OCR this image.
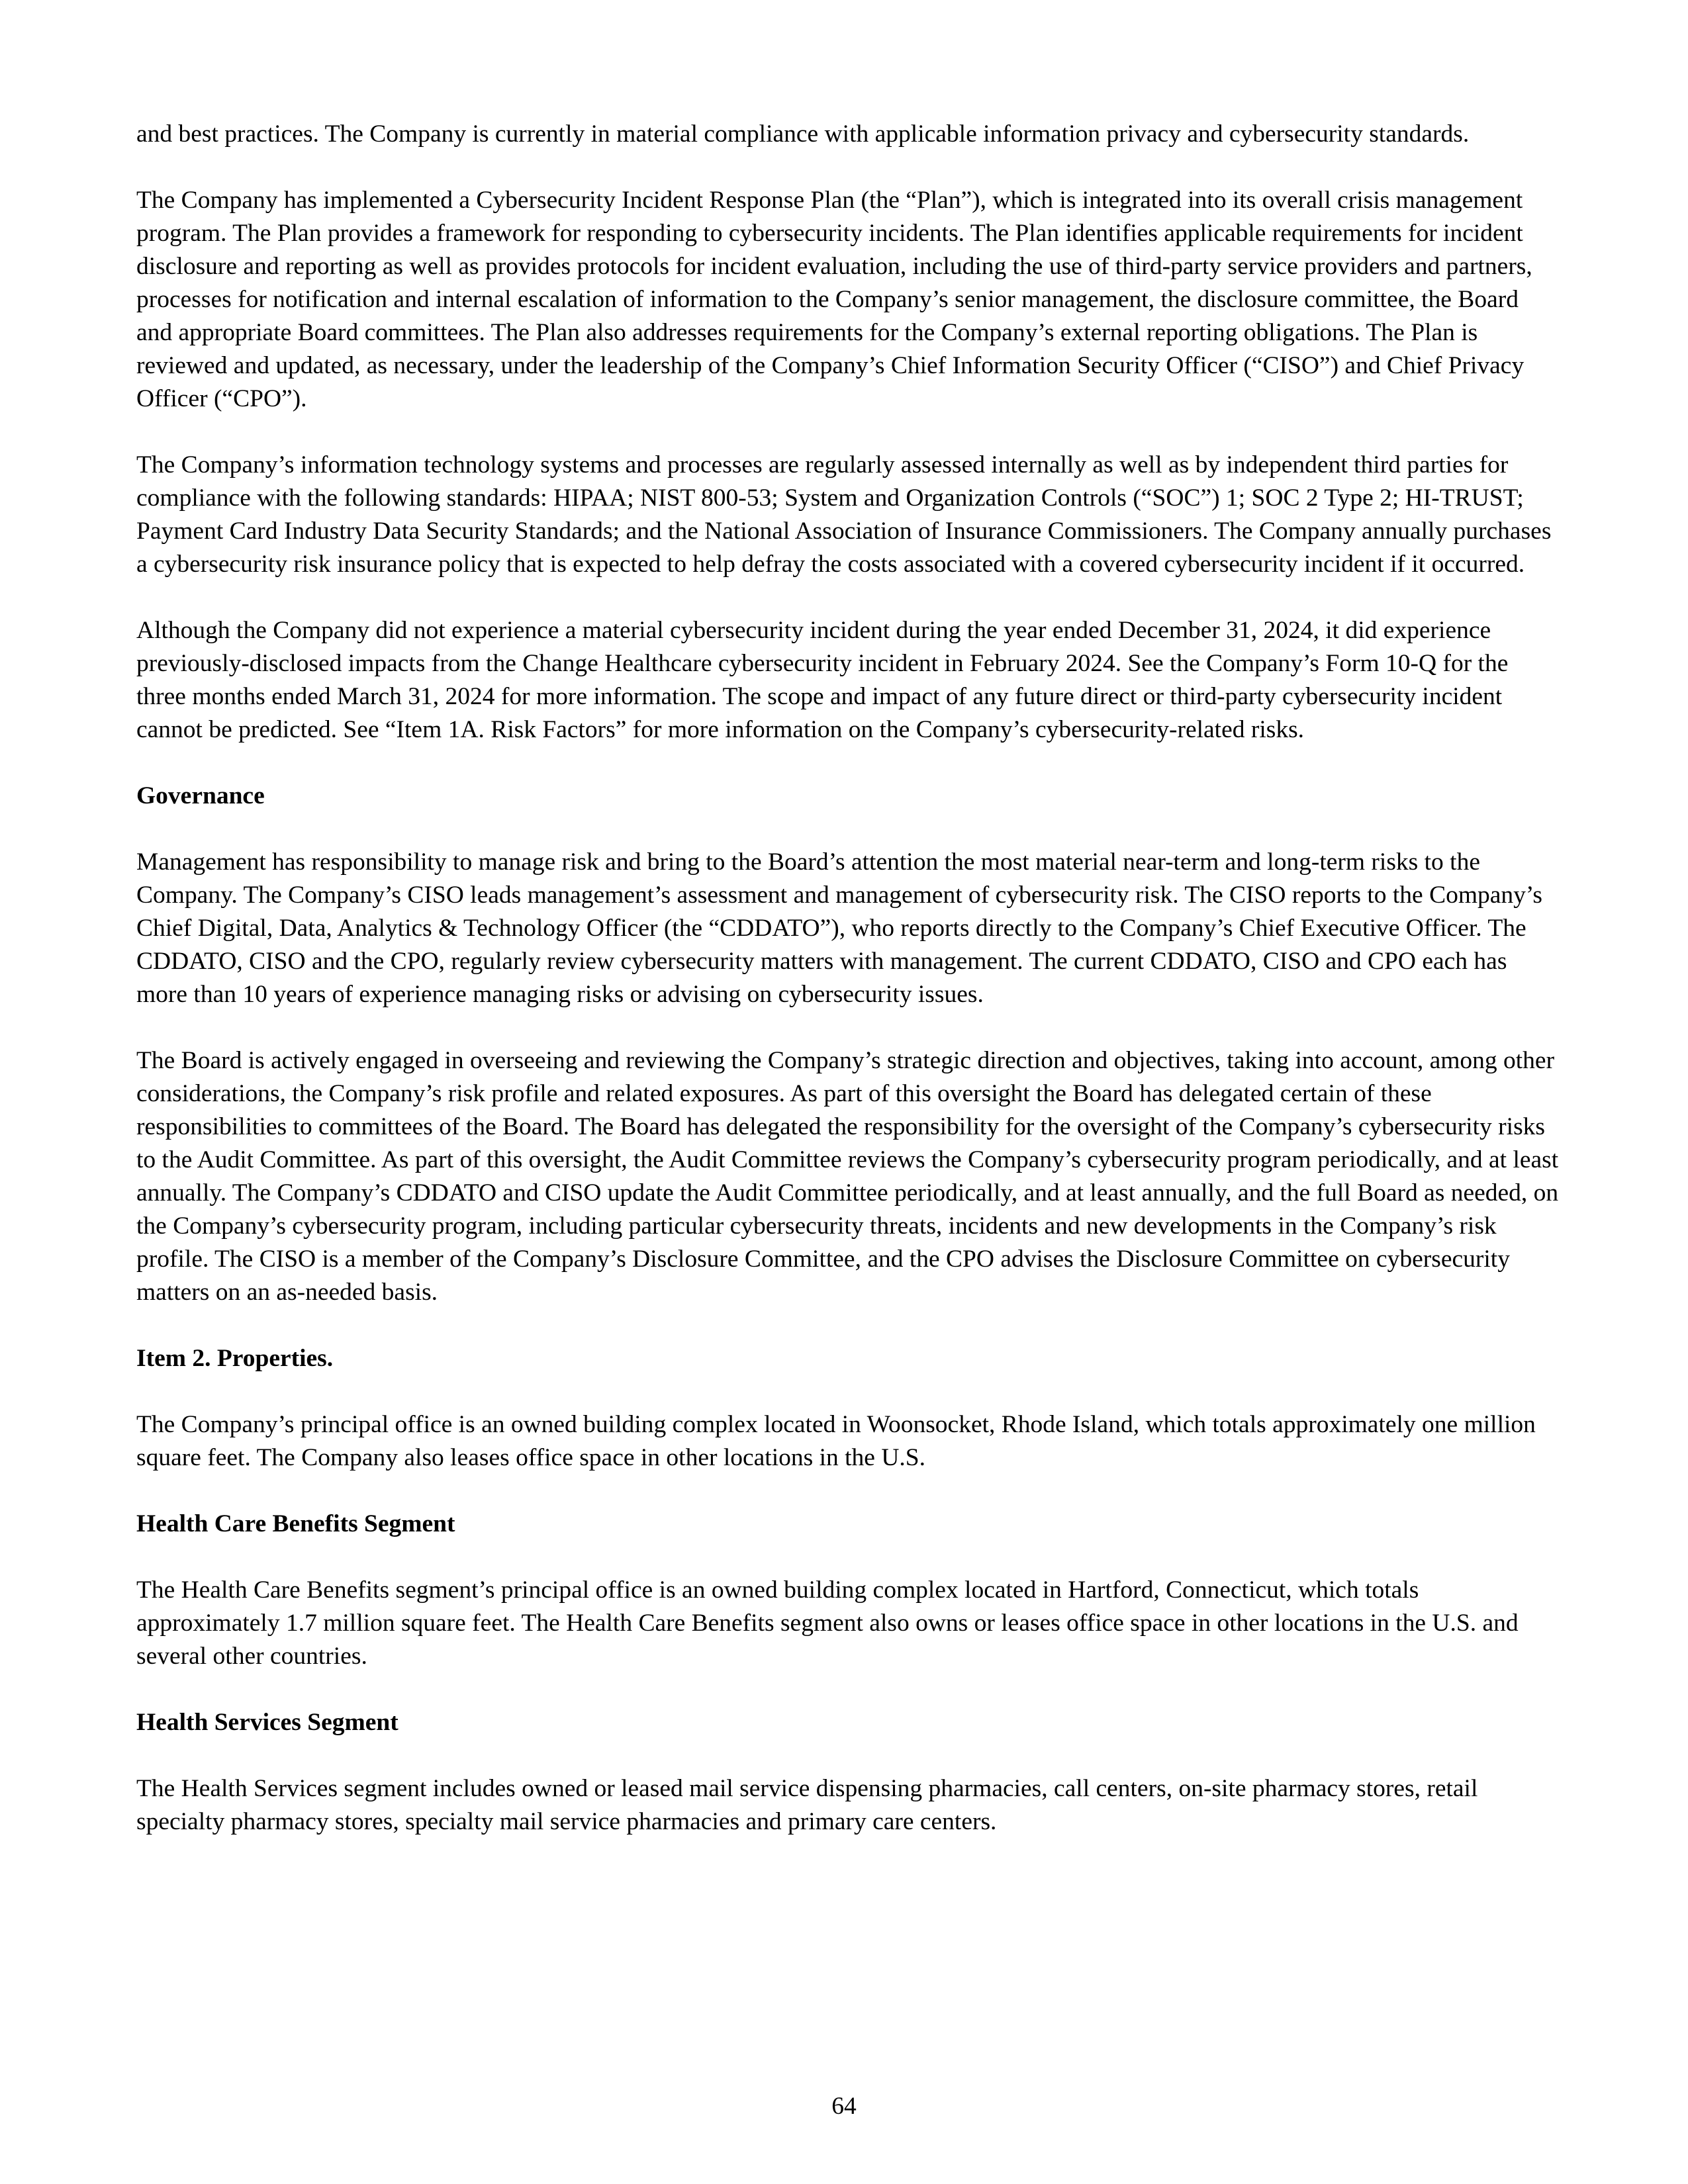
and best practices. The Company is currently in material compliance with applicable information privacy and cybersecurity standards.

The Company has implemented a Cybersecurity Incident Response Plan (the “Plan”), which is integrated into its overall crisis management program. The Plan provides a framework for responding to cybersecurity incidents. The Plan identifies applicable requirements for incident disclosure and reporting as well as provides protocols for incident evaluation, including the use of third-party service providers and partners, processes for notification and internal escalation of information to the Company’s senior management, the disclosure committee, the Board and appropriate Board committees. The Plan also addresses requirements for the Company’s external reporting obligations. The Plan is reviewed and updated, as necessary, under the leadership of the Company’s Chief Information Security Officer (“CISO”) and Chief Privacy Officer (“CPO”).

The Company’s information technology systems and processes are regularly assessed internally as well as by independent third parties for compliance with the following standards: HIPAA; NIST 800-53; System and Organization Controls (“SOC”) 1; SOC 2 Type 2; HI-TRUST; Payment Card Industry Data Security Standards; and the National Association of Insurance Commissioners. The Company annually purchases a cybersecurity risk insurance policy that is expected to help defray the costs associated with a covered cybersecurity incident if it occurred.

Although the Company did not experience a material cybersecurity incident during the year ended December 31, 2024, it did experience previously-disclosed impacts from the Change Healthcare cybersecurity incident in February 2024. See the Company’s Form 10-Q for the three months ended March 31, 2024 for more information. The scope and impact of any future direct or third-party cybersecurity incident cannot be predicted. See “Item 1A. Risk Factors” for more information on the Company’s cybersecurity-related risks.

Governance

Management has responsibility to manage risk and bring to the Board’s attention the most material near-term and long-term risks to the Company. The Company’s CISO leads management’s assessment and management of cybersecurity risk. The CISO reports to the Company’s Chief Digital, Data, Analytics & Technology Officer (the “CDDATO”), who reports directly to the Company’s Chief Executive Officer. The CDDATO, CISO and the CPO, regularly review cybersecurity matters with management. The current CDDATO, CISO and CPO each has more than 10 years of experience managing risks or advising on cybersecurity issues.

The Board is actively engaged in overseeing and reviewing the Company’s strategic direction and objectives, taking into account, among other considerations, the Company’s risk profile and related exposures. As part of this oversight the Board has delegated certain of these responsibilities to committees of the Board. The Board has delegated the responsibility for the oversight of the Company’s cybersecurity risks to the Audit Committee. As part of this oversight, the Audit Committee reviews the Company’s cybersecurity program periodically, and at least annually. The Company’s CDDATO and CISO update the Audit Committee periodically, and at least annually, and the full Board as needed, on the Company’s cybersecurity program, including particular cybersecurity threats, incidents and new developments in the Company’s risk profile. The CISO is a member of the Company’s Disclosure Committee, and the CPO advises the Disclosure Committee on cybersecurity matters on an as-needed basis.

Item 2. Properties.

The Company’s principal office is an owned building complex located in Woonsocket, Rhode Island, which totals approximately one million square feet. The Company also leases office space in other locations in the U.S.

Health Care Benefits Segment

The Health Care Benefits segment’s principal office is an owned building complex located in Hartford, Connecticut, which totals approximately 1.7 million square feet. The Health Care Benefits segment also owns or leases office space in other locations in the U.S. and several other countries.

Health Services Segment

The Health Services segment includes owned or leased mail service dispensing pharmacies, call centers, on-site pharmacy stores, retail specialty pharmacy stores, specialty mail service pharmacies and primary care centers.

64
